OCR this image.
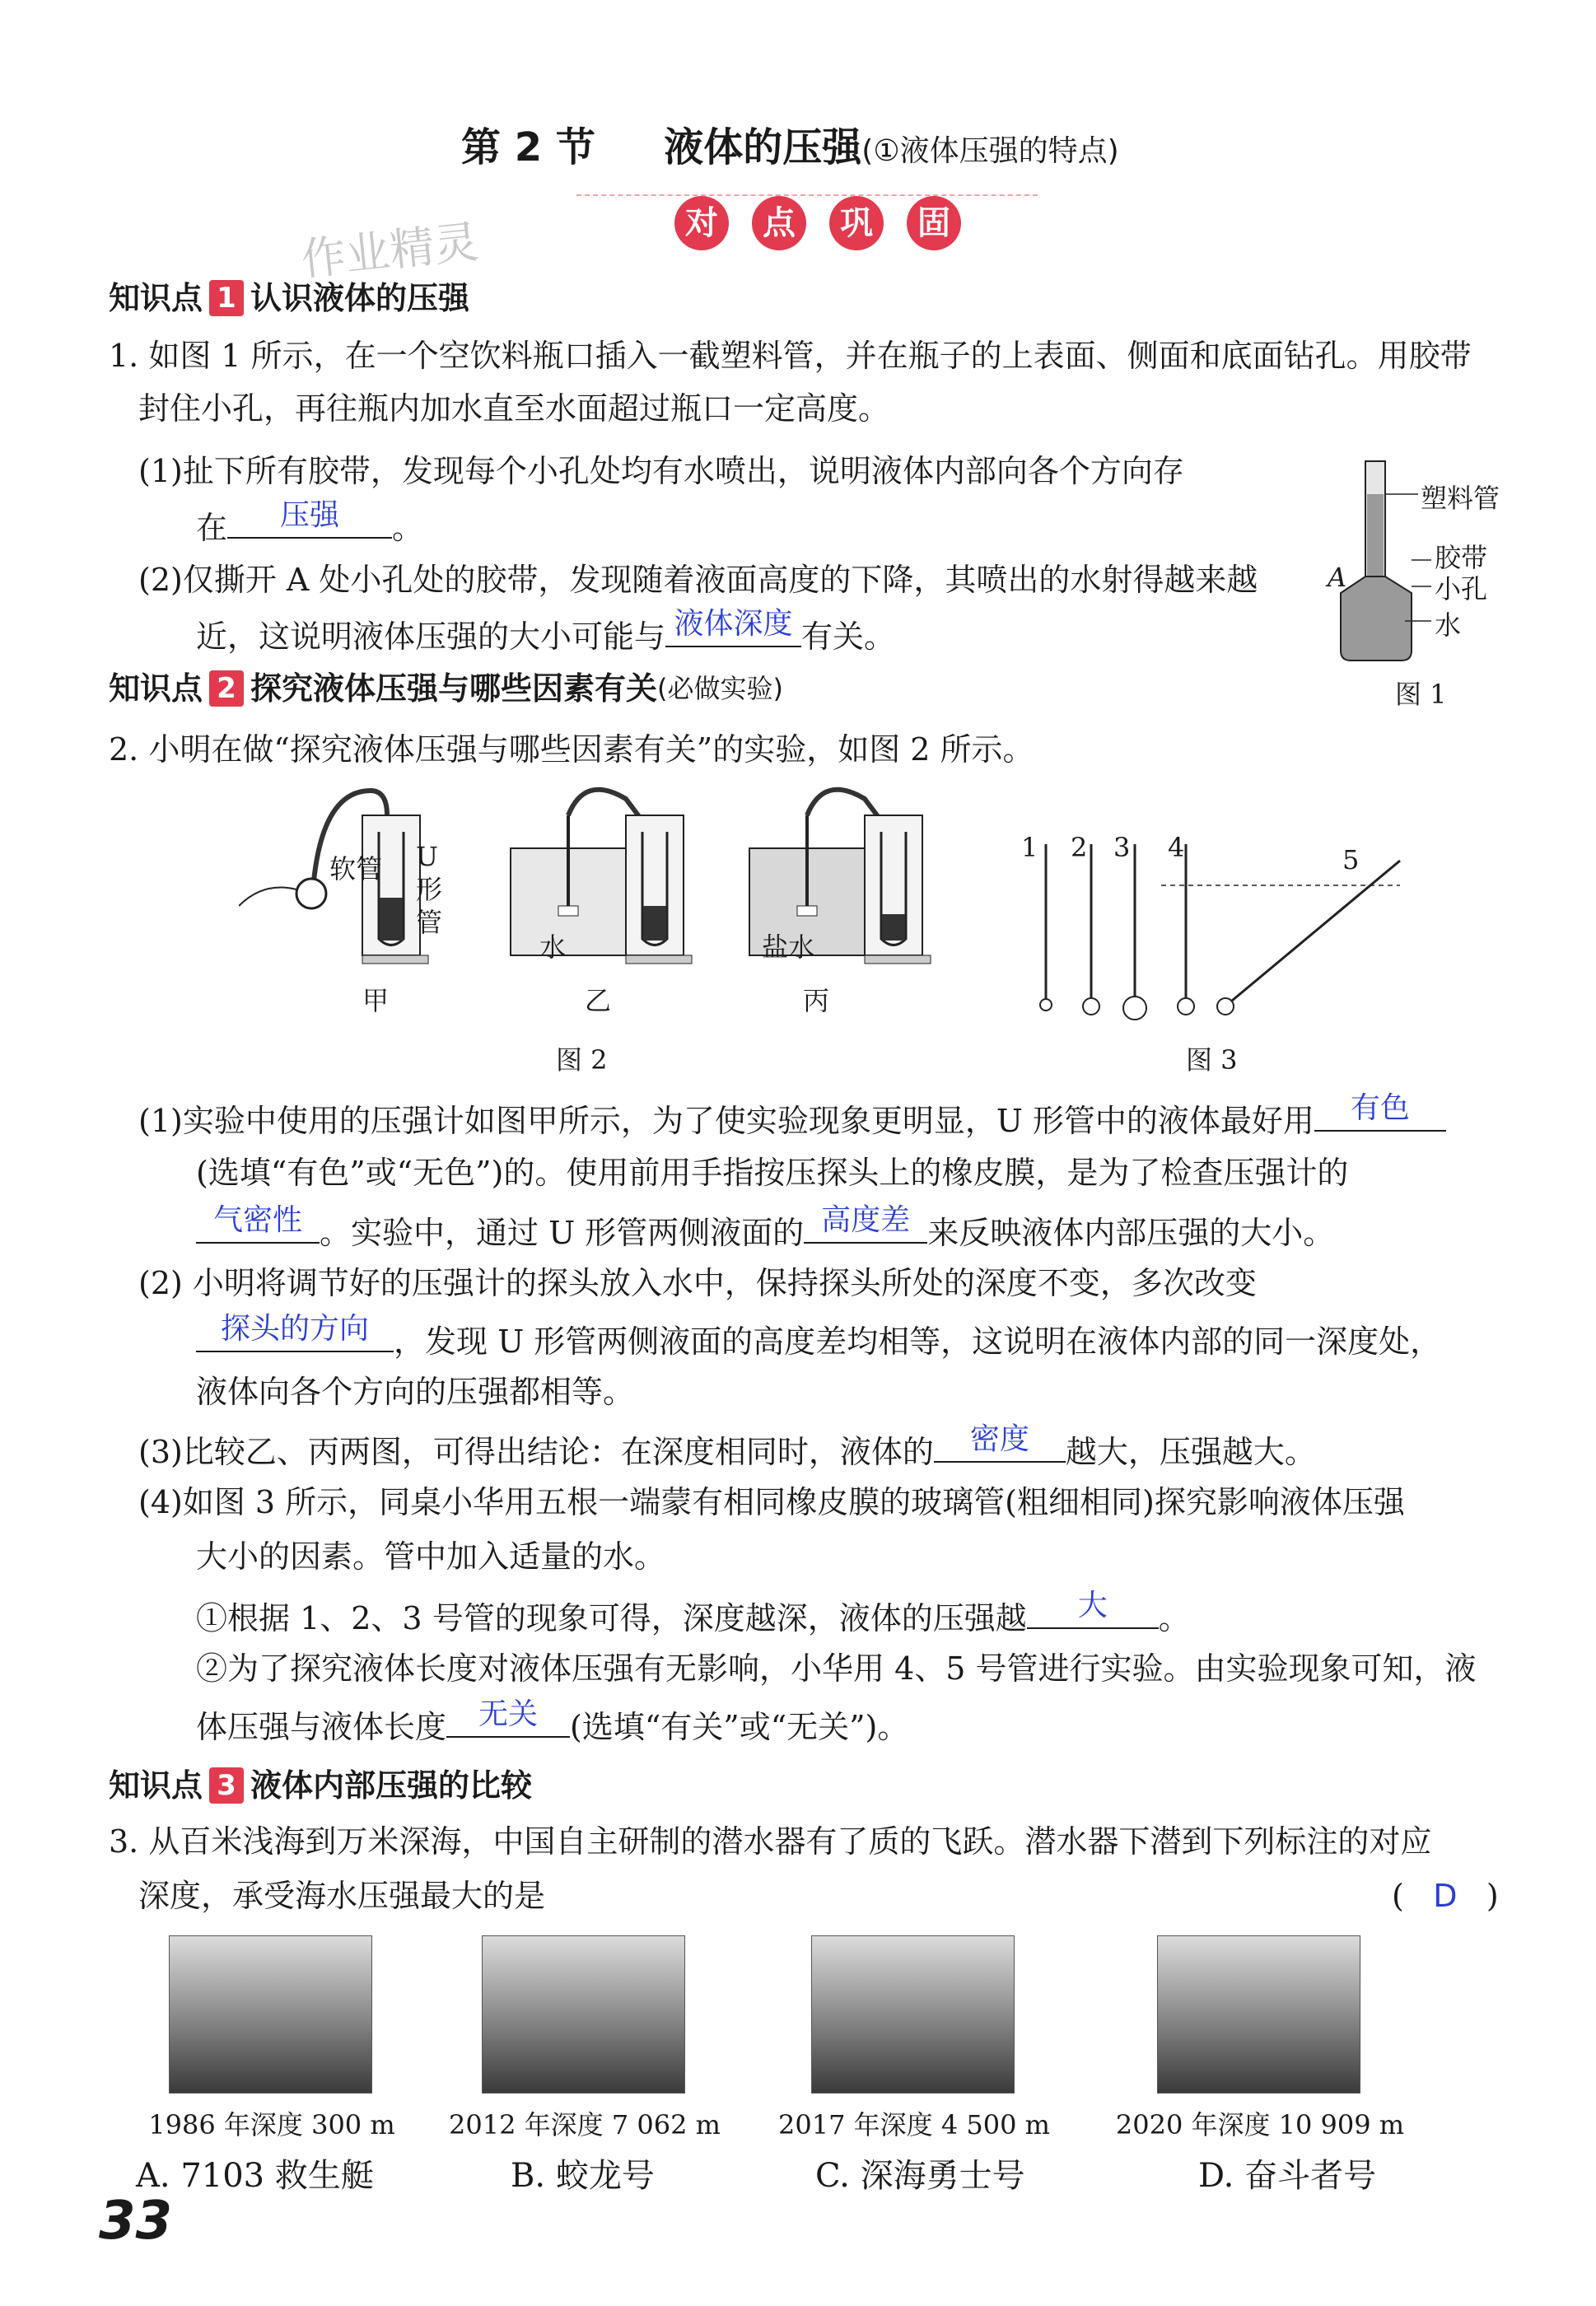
第 2 节 液体的压强(①液体压强的特点)
对 点 巩 固
作业精灵
知识点 1 认识液体的压强
1. 如图 1 所示，在一个空饮料瓶口插入一截塑料管，并在瓶子的上表面、侧面和底面钻孔。用胶带
封住小孔，再往瓶内加水直至水面超过瓶口一定高度。
(1)扯下所有胶带，发现每个小孔处均有水喷出，说明液体内部向各个方向存
在	压强	。
(2)仅撕开 A 处小孔处的胶带，发现随着液面高度的下降，其喷出的水射得越来越
近，这说明液体压强的大小可能与 液体深度 有关。
A
塑料管
胶带
小孔
水
图 1
知识点 2 探究液体压强与哪些因素有关 (必做实验)
2. 小明在做“探究液体压强与哪些因素有关”的实验，如图 2 所示。
软管 U形管
水	盐水
甲	乙	丙
图 2
1 2 3 4	5
图 3
(1)实验中使用的压强计如图甲所示，为了使实验现象更明显，U 形管中的液体最好用	有色
(选填“有色”或“无色”)的。使用前用手指按压探头上的橡皮膜，是为了检查压强计的
气密性 。实验中，通过 U 形管两侧液面的 高度差 来反映液体内部压强的大小。
(2) 小明将调节好的压强计的探头放入水中，保持探头所处的深度不变，多次改变
探头的方向 ，发现 U 形管两侧液面的高度差均相等，这说明在液体内部的同一深度处，
液体向各个方向的压强都相等。
(3)比较乙、丙两图，可得出结论：在深度相同时，液体的	密度	越大，压强越大。
(4)如图 3 所示，同桌小华用五根一端蒙有相同橡皮膜的玻璃管(粗细相同)探究影响液体压强
大小的因素。管中加入适量的水。
①根据 1、2、3 号管的现象可得，深度越深，液体的压强越	大	。
②为了探究液体长度对液体压强有无影响，小华用 4、5 号管进行实验。由实验现象可知，液
体压强与液体长度	无关	(选填“有关”或“无关”)。
知识点 3 液体内部压强的比较
3. 从百米浅海到万米深海，中国自主研制的潜水器有了质的飞跃。潜水器下潜到下列标注的对应
深度，承受海水压强最大的是	( D )
1986 年深度 300 m	2012 年深度 7 062 m	2017 年深度 4 500 m	2020 年深度 10 909 m
A. 7103 救生艇	B. 蛟龙号	C. 深海勇士号	D. 奋斗者号
33
